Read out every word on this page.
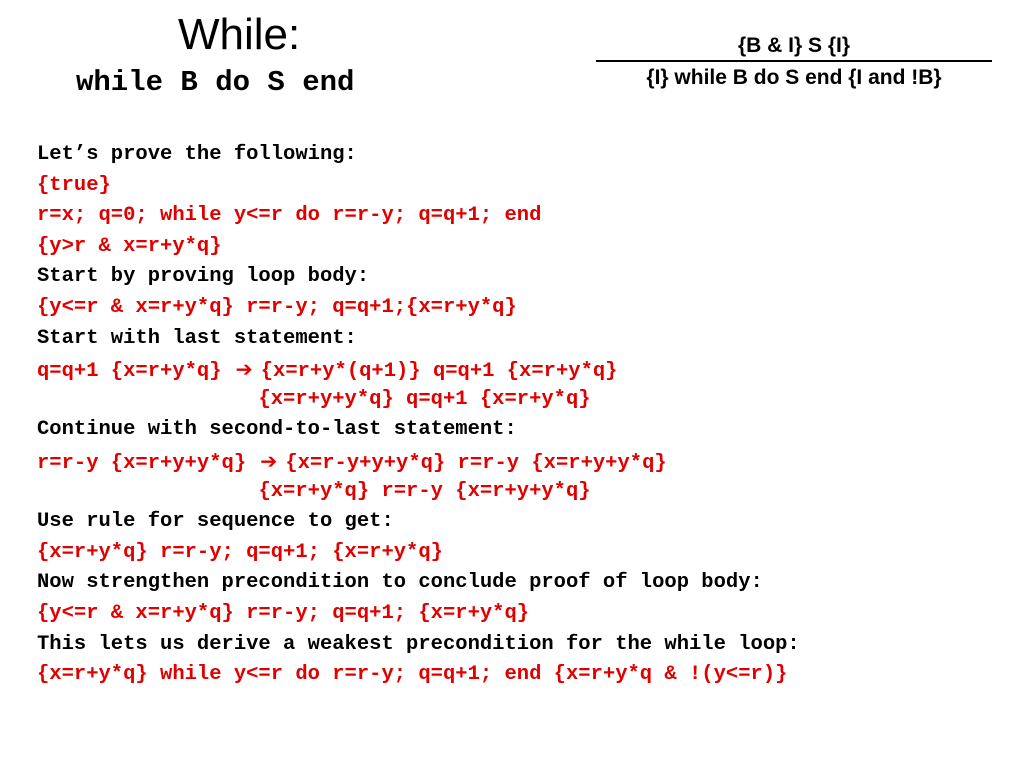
While:
while B do S end
{B & I} S {I}
{I} while B do S end {I and !B}
Let’s prove the following:
{true}
r=x; q=0; while y<=r do r=r-y; q=q+1; end
{y>r & x=r+y*q}
Start by proving loop body:
{y<=r & x=r+y*q} r=r-y; q=q+1;{x=r+y*q}
Start with last statement:
q=q+1 {x=r+y*q} ➔ {x=r+y*(q+1)} q=q+1 {x=r+y*q}
{x=r+y+y*q} q=q+1 {x=r+y*q}
Continue with second-to-last statement:
r=r-y {x=r+y+y*q} ➔ {x=r-y+y+y*q} r=r-y {x=r+y+y*q}
{x=r+y*q} r=r-y {x=r+y+y*q}
Use rule for sequence to get:
{x=r+y*q} r=r-y; q=q+1; {x=r+y*q}
Now strengthen precondition to conclude proof of loop body:
{y<=r & x=r+y*q} r=r-y; q=q+1; {x=r+y*q}
This lets us derive a weakest precondition for the while loop:
{x=r+y*q} while y<=r do r=r-y; q=q+1; end {x=r+y*q & !(y<=r)}
